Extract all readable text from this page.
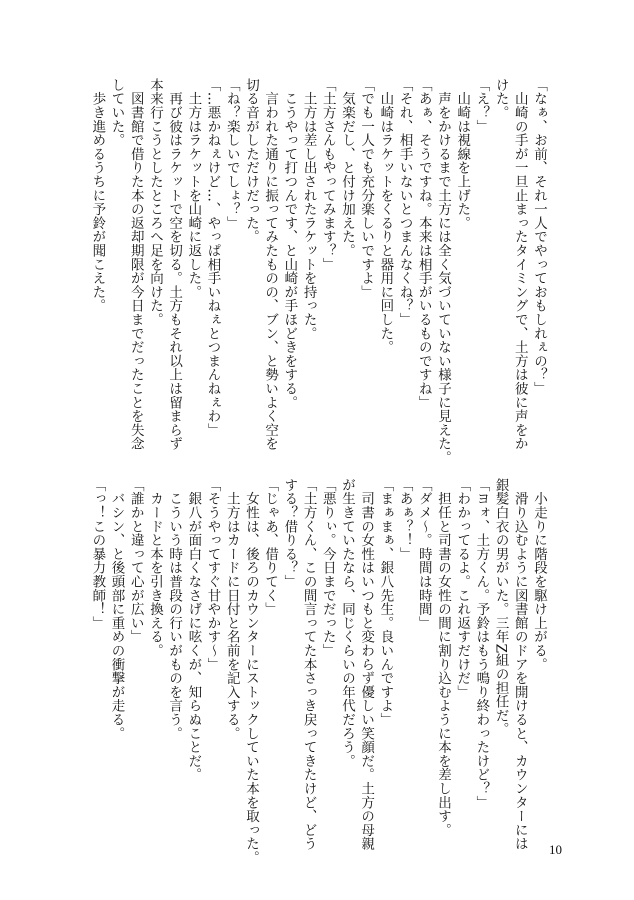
「なぁ、お前、それ一人でやっておもしれぇの？」
　山崎の手が一旦止まったタイミングで、土方は彼に声をか
けた。
「え？」
　山崎は視線を上げた。
　声をかけるまで土方には全く気づいていない様子に見えた。
「あぁ、そうですね。本来は相手がいるものですね」
「それ、相手いないとつまんなくね？」
　山崎はラケットをくるりと器用に回した。
「でも一人でも充分楽しいですよ」
　気楽だし、と付け加えた。
「土方さんもやってみます？」
　土方は差し出されたラケットを持った。
　こうやって打つんです、と山崎が手ほどきをする。
　言われた通りに振ってみたものの、ブン、と勢いよく空を
切る音がしただけだった。
「ね？楽しいでしょ？」
「…悪かねぇけど…、やっぱ相手いねぇとつまんねぇわ」
　土方はラケットを山崎に返した。
　再び彼はラケットで空を切る。土方もそれ以上は留まらず
本来行こうとしたところへ足を向けた。
　図書館で借りた本の返却期限が今日までだったことを失念
していた。
　歩き進めるうちに予鈴が聞こえた。
　小走りに階段を駆け上がる。
　滑り込むように図書館のドアを開けると、カウンターには
銀髪白衣の男がいた。三年Z組の担任だ。
「ヨォ、土方くん。予鈴はもう鳴り終わったけど？」
「わかってるよ。これ返すだけだ」
　担任と司書の女性の間に割り込むように本を差し出す。
「ダメ〜。時間は時間」
「あぁ？！」
「まぁまぁ、銀八先生。良いんですよ」
　司書の女性はいつもと変わらず優しい笑顔だ。土方の母親
が生きていたなら、同じくらいの年代だろう。
「悪りぃ。今日までだった」
「土方くん、この間言ってた本さっき戻ってきたけど、どう
する？借りる？」
「じゃあ、借りてく」
　女性は、後ろのカウンターにストックしていた本を取った。
　土方はカードに日付と名前を記入する。
「そうやってすぐ甘やかす〜」
　銀八が面白くなさげに呟くが、知らぬことだ。
　こういう時は普段の行いがものを言う。
　カードと本を引き換える。
「誰かと違って心が広い」
　バシン、と後頭部に重めの衝撃が走る。
「っ！この暴力教師！」
10
